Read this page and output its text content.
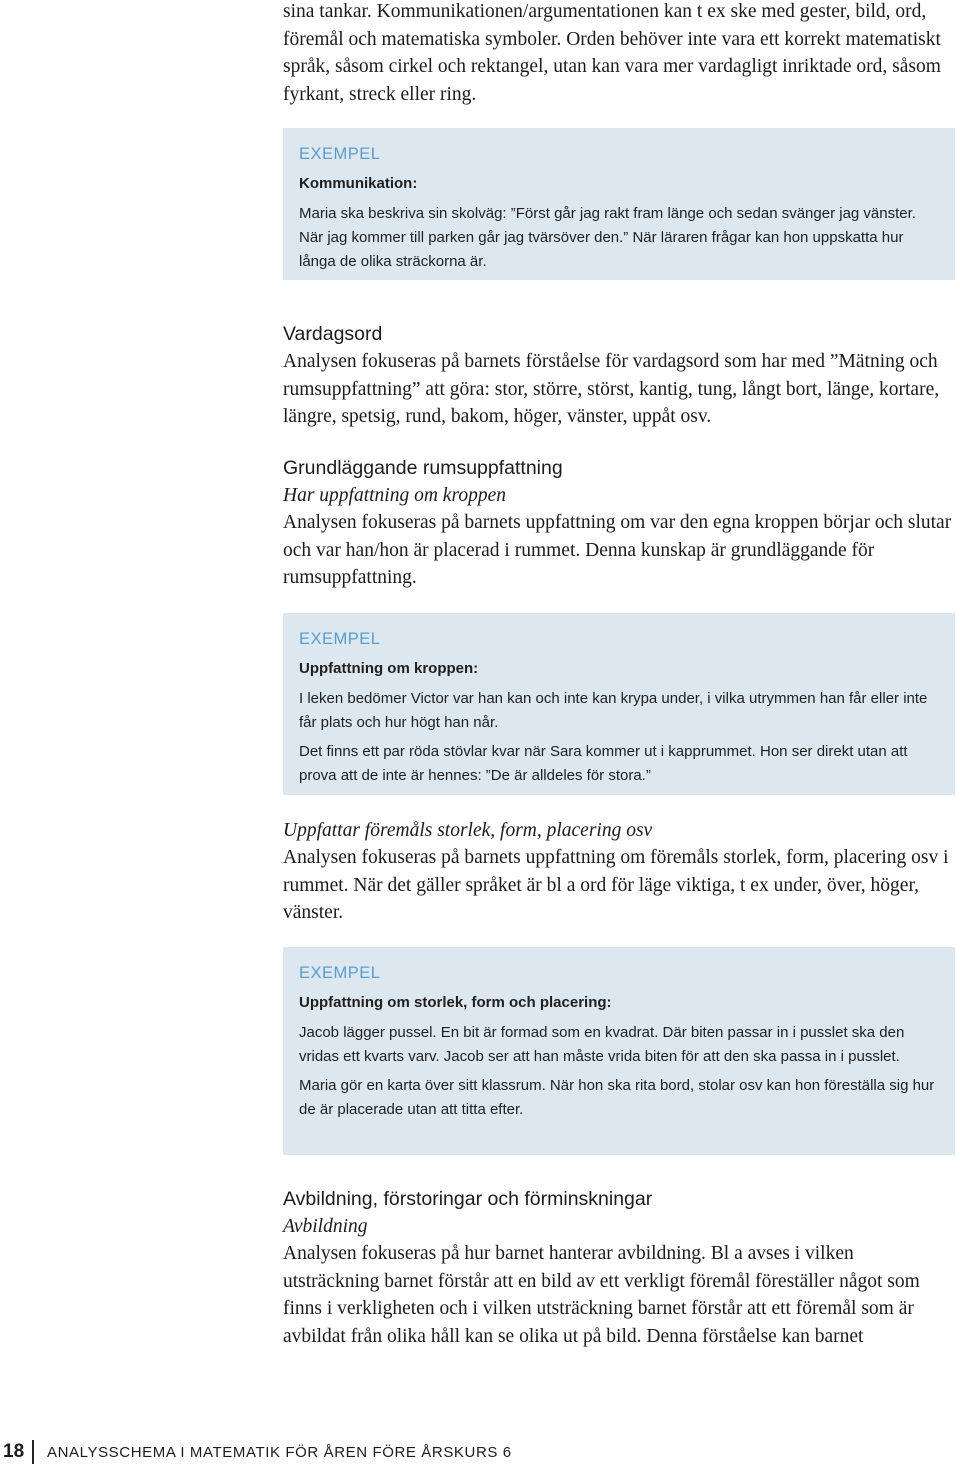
sina tankar. Kommunikationen/argumentationen kan t ex ske med gester, bild, ord, föremål och matematiska symboler. Orden behöver inte vara ett korrekt matematiskt språk, såsom cirkel och rektangel, utan kan vara mer vardagligt inriktade ord, såsom fyrkant, streck eller ring.

EXEMPEL
Kommunikation:

Maria ska beskriva sin skolväg: ”Först går jag rakt fram länge och sedan svänger jag vänster. När jag kommer till parken går jag tvärsöver den.” När läraren frågar kan hon uppskatta hur långa de olika sträckorna är.

Vardagsord

Analysen fokuseras på barnets förståelse för vardagsord som har med ”Mätning och rumsuppfattning” att göra: stor, större, störst, kantig, tung, långt bort, länge, kortare, längre, spetsig, rund, bakom, höger, vänster, uppåt osv.

Grundläggande rumsuppfattning
Har uppfattning om kroppen

Analysen fokuseras på barnets uppfattning om var den egna kroppen börjar och slutar och var han/hon är placerad i rummet. Denna kunskap är grundläggande för rumsuppfattning.

EXEMPEL
Uppfattning om kroppen:

I leken bedömer Victor var han kan och inte kan krypa under, i vilka utrymmen han får eller inte får plats och hur högt han når.

Det finns ett par röda stövlar kvar när Sara kommer ut i kapprummet. Hon ser direkt utan att prova att de inte är hennes: ”De är alldeles för stora.”

Uppfattar föremåls storlek, form, placering osv

Analysen fokuseras på barnets uppfattning om föremåls storlek, form, placering osv i rummet. När det gäller språket är bl a ord för läge viktiga, t ex under, över, höger, vänster.

EXEMPEL
Uppfattning om storlek, form och placering:

Jacob lägger pussel. En bit är formad som en kvadrat. Där biten passar in i pusslet ska den vridas ett kvarts varv. Jacob ser att han måste vrida biten för att den ska passa in i pusslet.

Maria gör en karta över sitt klassrum. När hon ska rita bord, stolar osv kan hon föreställa sig hur de är placerade utan att titta efter.

Avbildning, förstoringar och förminskningar
Avbildning

Analysen fokuseras på hur barnet hanterar avbildning. Bl a avses i vilken utsträckning barnet förstår att en bild av ett verkligt föremål föreställer något som finns i verkligheten och i vilken utsträckning barnet förstår att ett föremål som är avbildat från olika håll kan se olika ut på bild. Denna förståelse kan barnet

18 ANALYSSCHEMA I MATEMATIK FÖR ÅREN FÖRE ÅRSKURS 6
